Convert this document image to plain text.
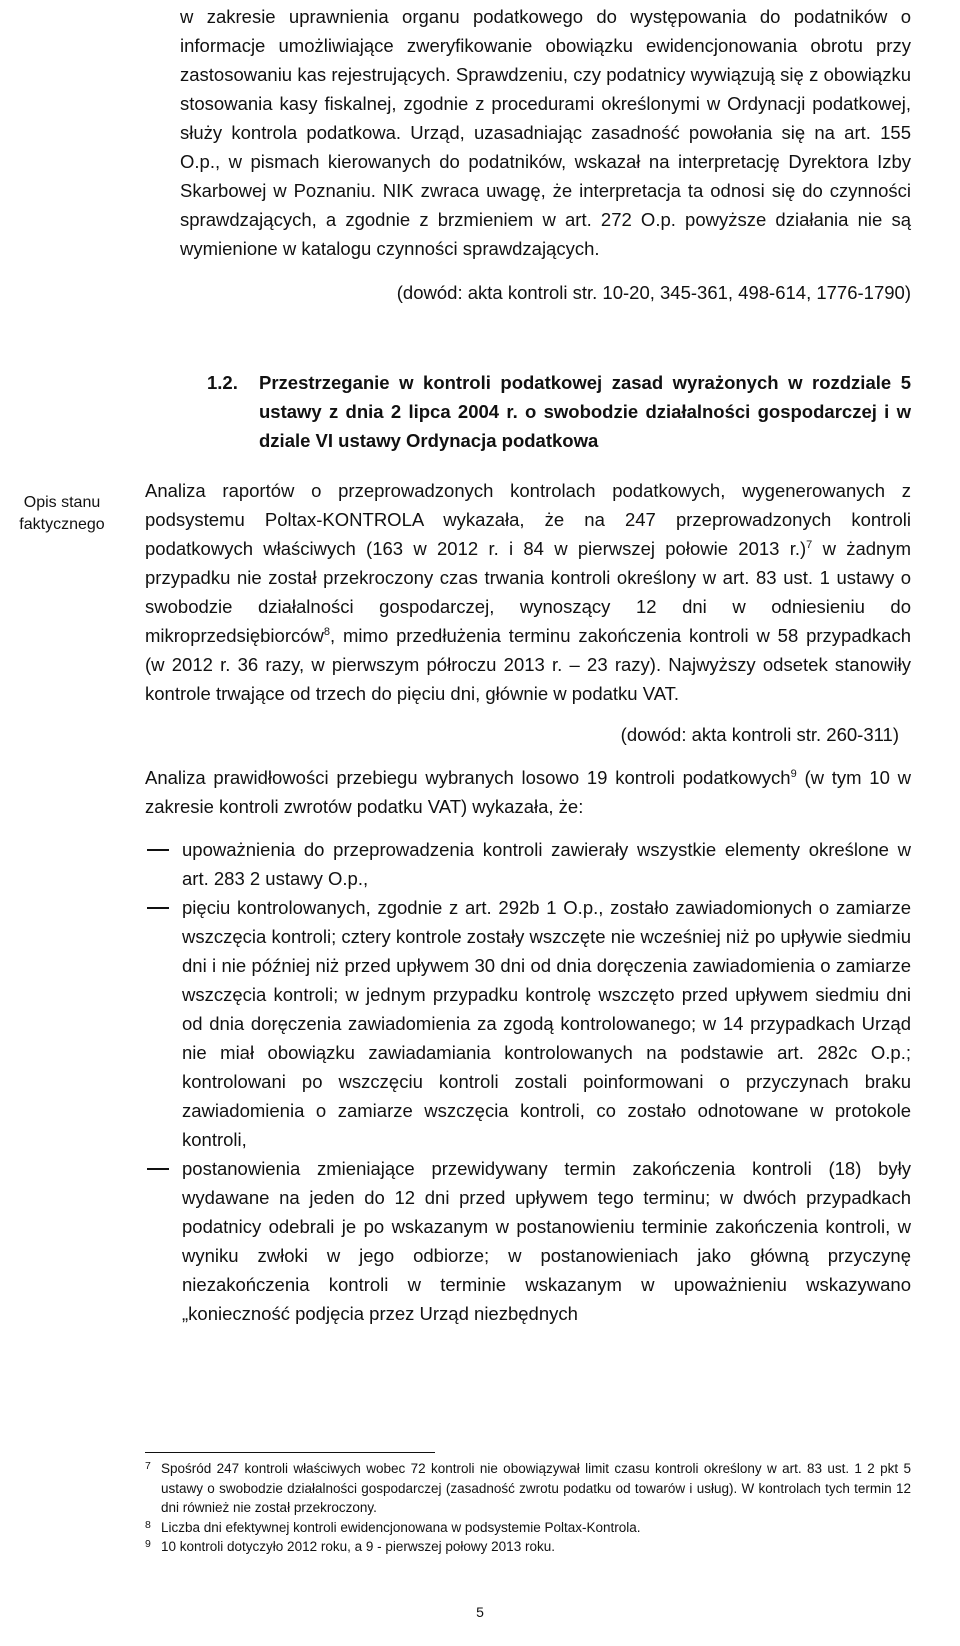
w zakresie uprawnienia organu podatkowego do występowania do podatników o informacje umożliwiające zweryfikowanie obowiązku ewidencjonowania obrotu przy zastosowaniu kas rejestrujących. Sprawdzeniu, czy podatnicy wywiązują się z obowiązku stosowania kasy fiskalnej, zgodnie z procedurami określonymi w Ordynacji podatkowej, służy kontrola podatkowa. Urząd, uzasadniając zasadność powołania się na art. 155 O.p., w pismach kierowanych do podatników, wskazał na interpretację Dyrektora Izby Skarbowej w Poznaniu. NIK zwraca uwagę, że interpretacja ta odnosi się do czynności sprawdzających, a zgodnie z brzmieniem w art. 272 O.p. powyższe działania nie są wymienione w katalogu czynności sprawdzających.

(dowód: akta kontroli str. 10-20, 345-361, 498-614, 1776-1790)

1.2. Przestrzeganie w kontroli podatkowej zasad wyrażonych w rozdziale 5 ustawy z dnia 2 lipca 2004 r. o swobodzie działalności gospodarczej i w dziale VI ustawy Ordynacja podatkowa
Opis stanu
faktycznego

Analiza raportów o przeprowadzonych kontrolach podatkowych, wygenerowanych z podsystemu Poltax-KONTROLA wykazała, że na 247 przeprowadzonych kontroli podatkowych właściwych (163 w 2012 r. i 84 w pierwszej połowie 2013 r.)$^7$ w żadnym przypadku nie został przekroczony czas trwania kontroli określony w art. 83 ust. 1 ustawy o swobodzie działalności gospodarczej, wynoszący 12 dni w odniesieniu do mikroprzedsiębiorców$^8$, mimo przedłużenia terminu zakończenia kontroli w 58 przypadkach (w 2012 r. 36 razy, w pierwszym półroczu 2013 r. – 23 razy). Najwyższy odsetek stanowiły kontrole trwające od trzech do pięciu dni, głównie w podatku VAT.

(dowód: akta kontroli str. 260-311)

Analiza prawidłowości przebiegu wybranych losowo 19 kontroli podatkowych$^9$ (w tym 10 w zakresie kontroli zwrotów podatku VAT) wykazała, że:

upoważnienia do przeprowadzenia kontroli zawierały wszystkie elementy określone w art. 283 2 ustawy O.p.,
pięciu kontrolowanych, zgodnie z art. 292b 1 O.p., zostało zawiadomionych o zamiarze wszczęcia kontroli; cztery kontrole zostały wszczęte nie wcześniej niż po upływie siedmiu dni i nie później niż przed upływem 30 dni od dnia doręczenia zawiadomienia o zamiarze wszczęcia kontroli; w jednym przypadku kontrolę wszczęto przed upływem siedmiu dni od dnia doręczenia zawiadomienia za zgodą kontrolowanego; w 14 przypadkach Urząd nie miał obowiązku zawiadamiania kontrolowanych na podstawie art. 282c O.p.; kontrolowani po wszczęciu kontroli zostali poinformowani o przyczynach braku zawiadomienia o zamiarze wszczęcia kontroli, co zostało odnotowane w protokole kontroli,
postanowienia zmieniające przewidywany termin zakończenia kontroli (18) były wydawane na jeden do 12 dni przed upływem tego terminu; w dwóch przypadkach podatnicy odebrali je po wskazanym w postanowieniu terminie zakończenia kontroli, w wyniku zwłoki w jego odbiorze; w postanowieniach jako główną przyczynę niezakończenia kontroli w terminie wskazanym w upoważnieniu wskazywano „konieczność podjęcia przez Urząd niezbędnych
7 Spośród 247 kontroli właściwych wobec 72 kontroli nie obowiązywał limit czasu kontroli określony w art. 83 ust. 1 2 pkt 5 ustawy o swobodzie działalności gospodarczej (zasadność zwrotu podatku od towarów i usług). W kontrolach tych termin 12 dni również nie został przekroczony.
8 Liczba dni efektywnej kontroli ewidencjonowana w podsystemie Poltax-Kontrola.
9 10 kontroli dotyczyło 2012 roku, a 9 - pierwszej połowy 2013 roku.
5
